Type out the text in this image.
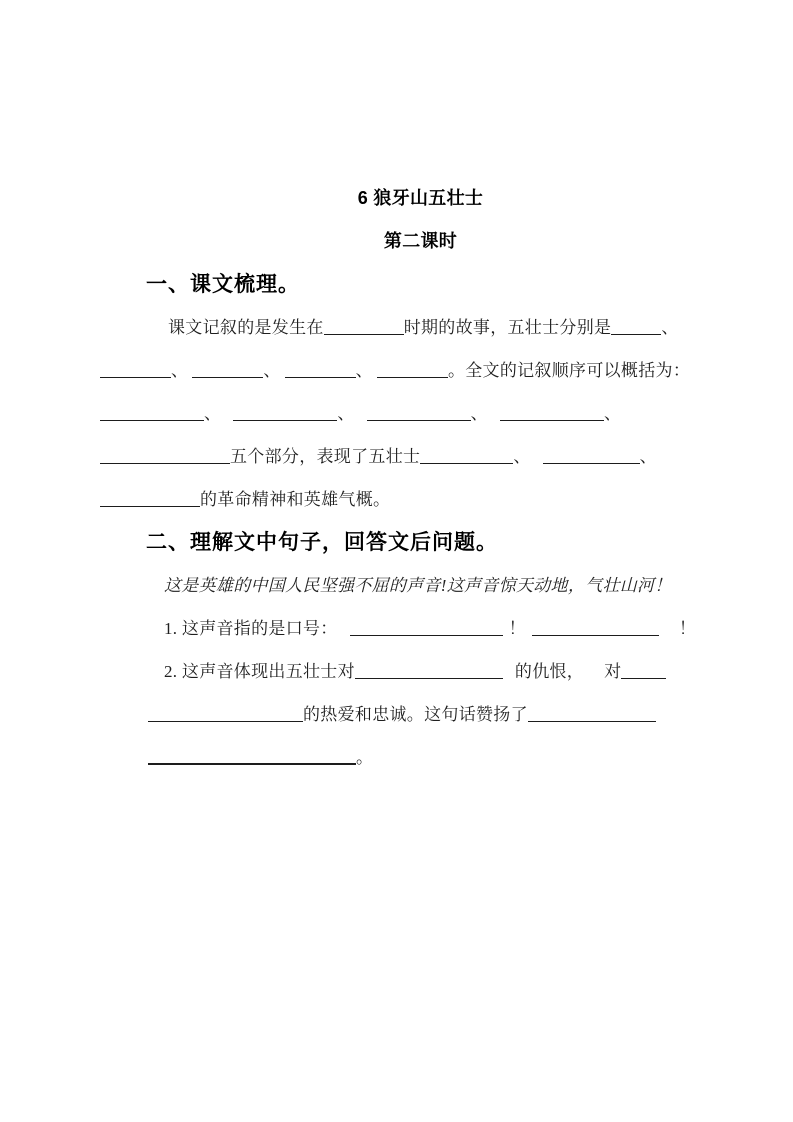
6 狼牙山五壮士
第二课时
一、课文梳理。
课文记叙的是发生在	时期的故事，五壮士分别是	、
、	、	、	。全文的记叙顺序可以概括为：
、	、	、	、
五个部分，表现了五壮士	、	、
的革命精神和英雄气概。
二、理解文中句子，回答文后问题。
这是英雄的中国人民坚强不屈的声音!这声音惊天动地，气壮山河！
1. 这声音指的是口号：	！	！
2. 这声音体现出五壮士对	的仇恨， 对
的热爱和忠诚。这句话赞扬了
。
